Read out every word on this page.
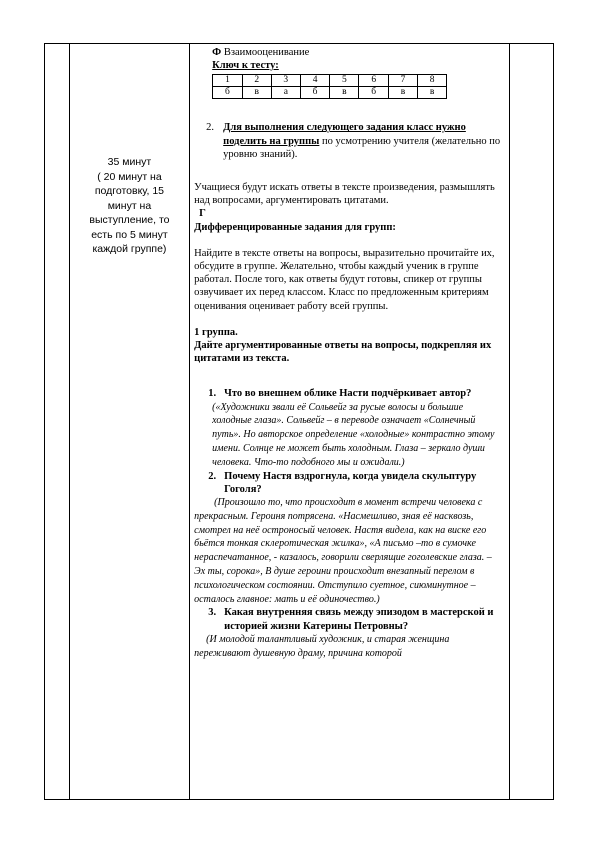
35 минут
( 20 минут на
подготовку, 15
минут на
выступление, то
есть по 5 минут
каждой группе)

Ф Взаимооценивание
Ключ к тесту:
1	2	3	4	5	6	7	8
б	в	а	б	в	б	в	в
2. Для выполнения следующего задания класс нужно поделить на группы по усмотрению учителя (желательно по уровню знаний).
Учащиеся будут искать ответы в тексте произведения, размышлять над вопросами, аргументировать цитатами.
Г
Дифференцированные задания для групп:
Найдите в тексте ответы на вопросы, выразительно прочитайте их, обсудите в группе. Желательно, чтобы каждый ученик в группе работал. После того, как ответы будут готовы, спикер от группы озвучивает их перед классом. Класс по предложенным критериям оценивания оценивает работу всей группы.
1 группа.
Дайте аргументированные ответы на вопросы, подкрепляя их цитатами из текста.
1. Что во внешнем облике Насти подчёркивает автор?
(«Художники звали её Сольвейг за русые волосы и большие холодные глаза». Сольвейг – в переводе означает «Солнечный путь». Но авторское определение «холодные» контрастно этому имени. Солнце не может быть холодным. Глаза – зеркало души человека. Что-то подобного мы и ожидали.)
2. Почему Настя вздрогнула, когда увидела скульптуру Гоголя?
(Произошло то, что происходит в момент встречи человека с прекрасным. Героиня потрясена. «Насмешливо, зная её насквозь, смотрел на неё остроносый человек. Настя видела, как на виске его бьётся тонкая склеротическая жилка», «А письмо –то в сумочке нераспечатанное, - казалось, говорили сверлящие гоголевские глаза. – Эх ты, сорока», В душе героини происходит внезапный перелом в психологическом состоянии. Отступило суетное, сиюминутное – осталось главное: мать и её одиночество.)
3. Какая внутренняя связь между эпизодом в мастерской и историей жизни Катерины Петровны?
(И молодой талантливый художник, и старая женщина переживают душевную драму, причина которой
